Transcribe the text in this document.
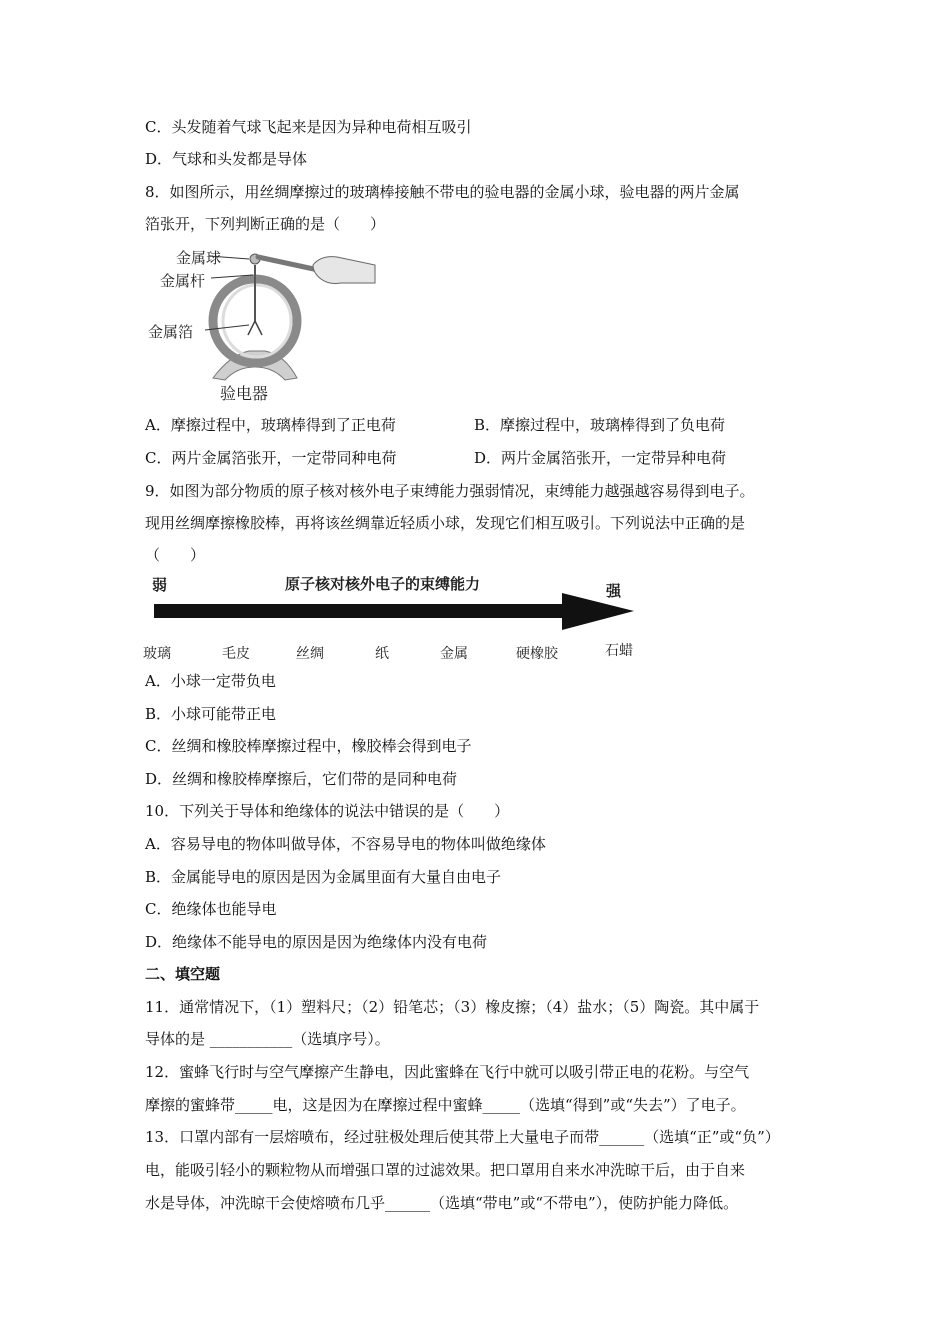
C．头发随着气球飞起来是因为异种电荷相互吸引
D．气球和头发都是导体
8．如图所示，用丝绸摩擦过的玻璃棒接触不带电的验电器的金属小球，验电器的两片金属
箔张开，下列判断正确的是（　　）
金属球
金属杆
金属箔
验电器
A．摩擦过程中，玻璃棒得到了正电荷	B．摩擦过程中，玻璃棒得到了负电荷
C．两片金属箔张开，一定带同种电荷	D．两片金属箔张开，一定带异种电荷
9．如图为部分物质的原子核对核外电子束缚能力强弱情况，束缚能力越强越容易得到电子。
现用丝绸摩擦橡胶棒，再将该丝绸靠近轻质小球，发现它们相互吸引。下列说法中正确的是
（　　）
弱	原子核对核外电子的束缚能力	强
玻璃	毛皮	丝绸	纸	金属	硬橡胶	石蜡
A．小球一定带负电
B．小球可能带正电
C．丝绸和橡胶棒摩擦过程中，橡胶棒会得到电子
D．丝绸和橡胶棒摩擦后，它们带的是同种电荷
10．下列关于导体和绝缘体的说法中错误的是（　　）
A．容易导电的物体叫做导体，不容易导电的物体叫做绝缘体
B．金属能导电的原因是因为金属里面有大量自由电子
C．绝缘体也能导电
D．绝缘体不能导电的原因是因为绝缘体内没有电荷
二、填空题
11．通常情况下，（1）塑料尺；（2）铅笔芯；（3）橡皮擦；（4）盐水；（5）陶瓷。其中属于
导体的是 ___________（选填序号）。
12．蜜蜂飞行时与空气摩擦产生静电，因此蜜蜂在飞行中就可以吸引带正电的花粉。与空气
摩擦的蜜蜂带_____电，这是因为在摩擦过程中蜜蜂_____（选填“得到”或“失去”）了电子。
13．口罩内部有一层熔喷布，经过驻极处理后使其带上大量电子而带______（选填“正”或“负”）
电，能吸引轻小的颗粒物从而增强口罩的过滤效果。把口罩用自来水冲洗晾干后，由于自来
水是导体，冲洗晾干会使熔喷布几乎______（选填“带电”或“不带电”），使防护能力降低。
